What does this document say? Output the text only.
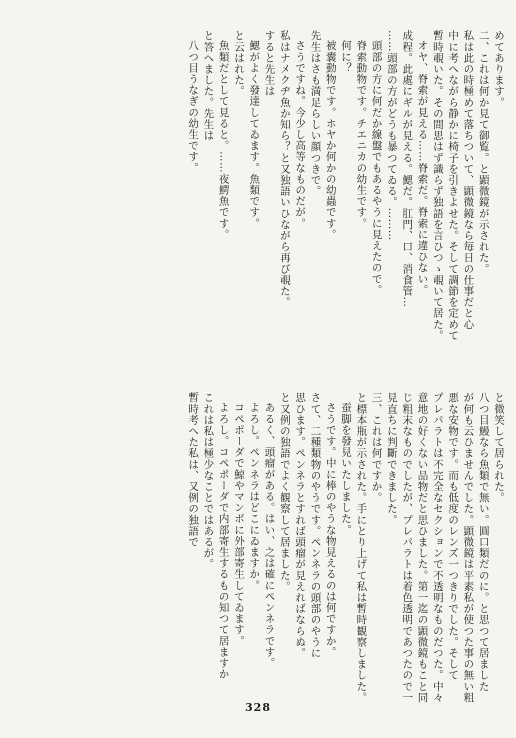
めてあります。
二、これは何か見て御覧。と顕微鏡が示された。
私は此の時極めて落ちついて、顕微鏡なら毎日の仕事だと心
中に考へながら静かに椅子を引きよせた。そして調節を定めて
暫時覗いた。その間思はず識らず独語を言ひつゝ覗いて居た。
オヤ、脊索が見える……脊索だ。脊索に違ひない。
成程。此處にギルが見える。鰓だ。肛門、口、消食管…
……頭部の方がどうも暴つてゐる。………
頭部の方に何だか線盤でもあるやうに見えたので。
脊索動物です。チエニカの幼生です。
何に？
被囊動物です。ホヤか何かの幼蟲です。
先生はさも満足らしい顔つきで。
さうですね。今少し高等なものだが。
私はナメクヂ魚か知ら？と又独語いひながら再び覗た。
すると先生は
鰓がよく發達してゐます。魚類です。
と云はれた。
魚類だとして見ると。……夜鰐魚です。
と答へました。先生は
八つ目うなぎの幼生です。
と微笑して居られた。
八つ目鰻なら魚類で無い。圓口類だのに。と思つて居ました
が何も云ひませんでした。顕微鏡は平素私が使つた事の無い粗
悪な安物です。而も低度のレンズ一つきりでした。そして
プレパラトは不完全なセクションで不透明なものだつた。中々
意地の好くない品物だと思ひました。第一迄の顕微鏡もこと同
じ粗末なものでしたが、プレパラトは着色透明であつたので一
見直ちに判斷できました。
三、これは何ですか。
と標本瓶が示された。手にとり上げて私は暫時観察しました。
蚕脚を發見いたしました。
さうです。中に棒のやうな物見えるのは何ですか。
さて、二種類物のやうです。ペンネラの頭部のやうに
思ひます。ペンネラとすれば頭瘤が見えればならぬ。
と又例の独語でよく観察して居ました。
あるく、頭瘤がある。はい、之は確にペンネラです。
よろし。ペンネラはどこにゐますか。
コペポーダで鯨やマンボに外部寄生してゐます。
よろし。コペポーダで内部寄生するもの知つて居ますか
これは私は極少なことではあるが。
暫時考へた私は、又例の独語で
328
